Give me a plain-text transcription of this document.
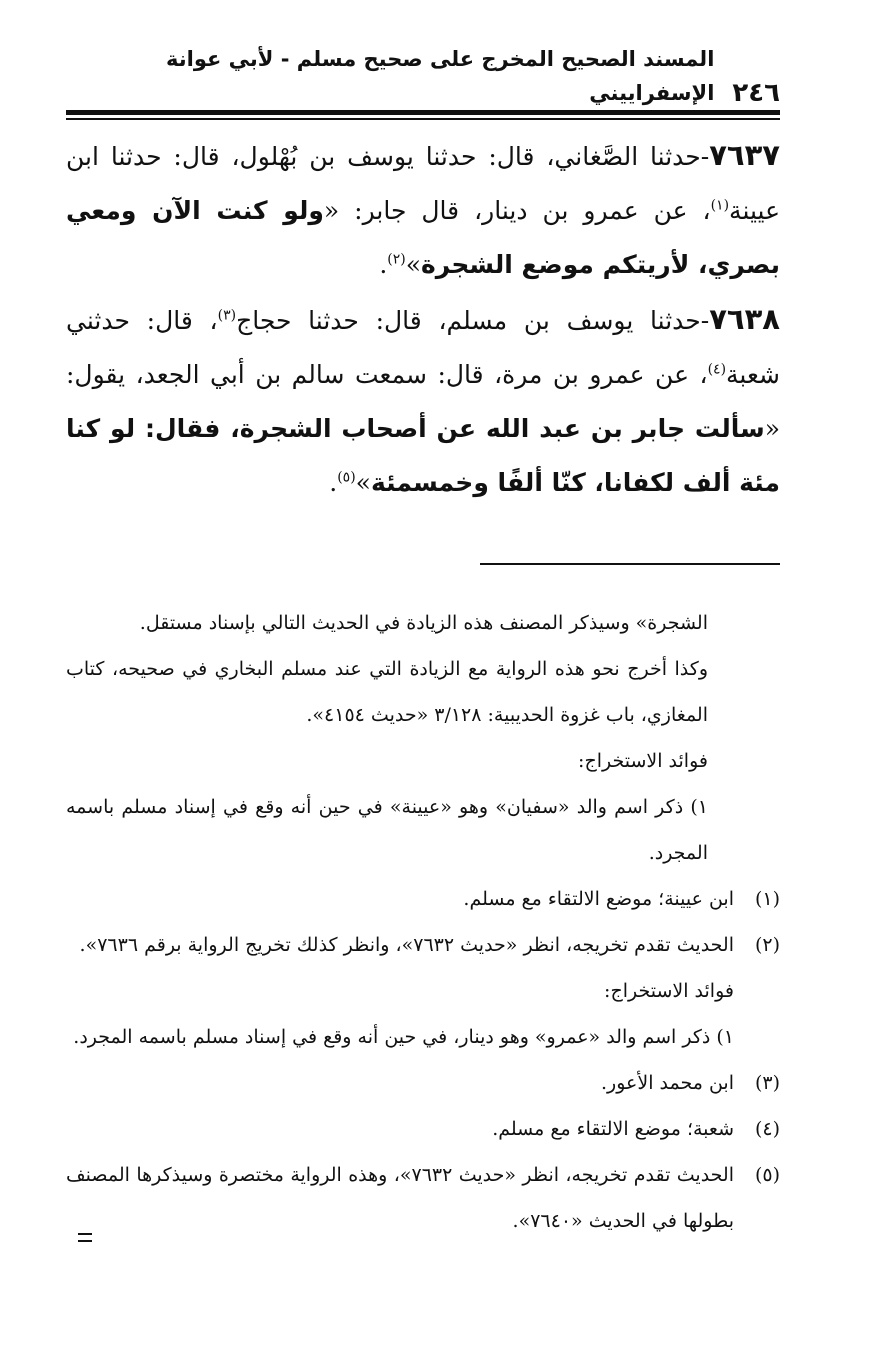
٢٤٦
المسند الصحيح المخرج على صحيح مسلم - لأبي عوانة الإسفراييني

٧٦٣٧-حدثنا الصَّغاني، قال: حدثنا يوسف بن بُهْلول، قال: حدثنا ابن عيينة$^{(١)}$، عن عمرو بن دينار، قال جابر: «ولو كنت الآن ومعي بصري، لأريتكم موضع الشجرة»$^{(٢)}$.

٧٦٣٨-حدثنا يوسف بن مسلم، قال: حدثنا حجاج$^{(٣)}$، قال: حدثني شعبة$^{(٤)}$، عن عمرو بن مرة، قال: سمعت سالم بن أبي الجعد، يقول: «سألت جابر بن عبد الله عن أصحاب الشجرة، فقال: لو كنا مئة ألف لكفانا، كنّا ألفًا وخمسمئة»$^{(٥)}$.

الشجرة» وسيذكر المصنف هذه الزيادة في الحديث التالي بإسناد مستقل.

وكذا أخرج نحو هذه الرواية مع الزيادة التي عند مسلم البخاري في صحيحه، كتاب المغازي، باب غزوة الحديبية: ٣/١٢٨ «حديث ٤١٥٤».

فوائد الاستخراج:

١) ذكر اسم والد «سفيان» وهو «عيينة» في حين أنه وقع في إسناد مسلم باسمه المجرد.

(١)
ابن عيينة؛ موضع الالتقاء مع مسلم.
(٢)
الحديث تقدم تخريجه، انظر «حديث ٧٦٣٢»، وانظر كذلك تخريج الرواية برقم ٧٦٣٦».

فوائد الاستخراج:

١) ذكر اسم والد «عمرو» وهو دينار، في حين أنه وقع في إسناد مسلم باسمه المجرد.

(٣)
ابن محمد الأعور.
(٤)
شعبة؛ موضع الالتقاء مع مسلم.
(٥)
الحديث تقدم تخريجه، انظر «حديث ٧٦٣٢»، وهذه الرواية مختصرة وسيذكرها المصنف بطولها في الحديث «٧٦٤٠».
